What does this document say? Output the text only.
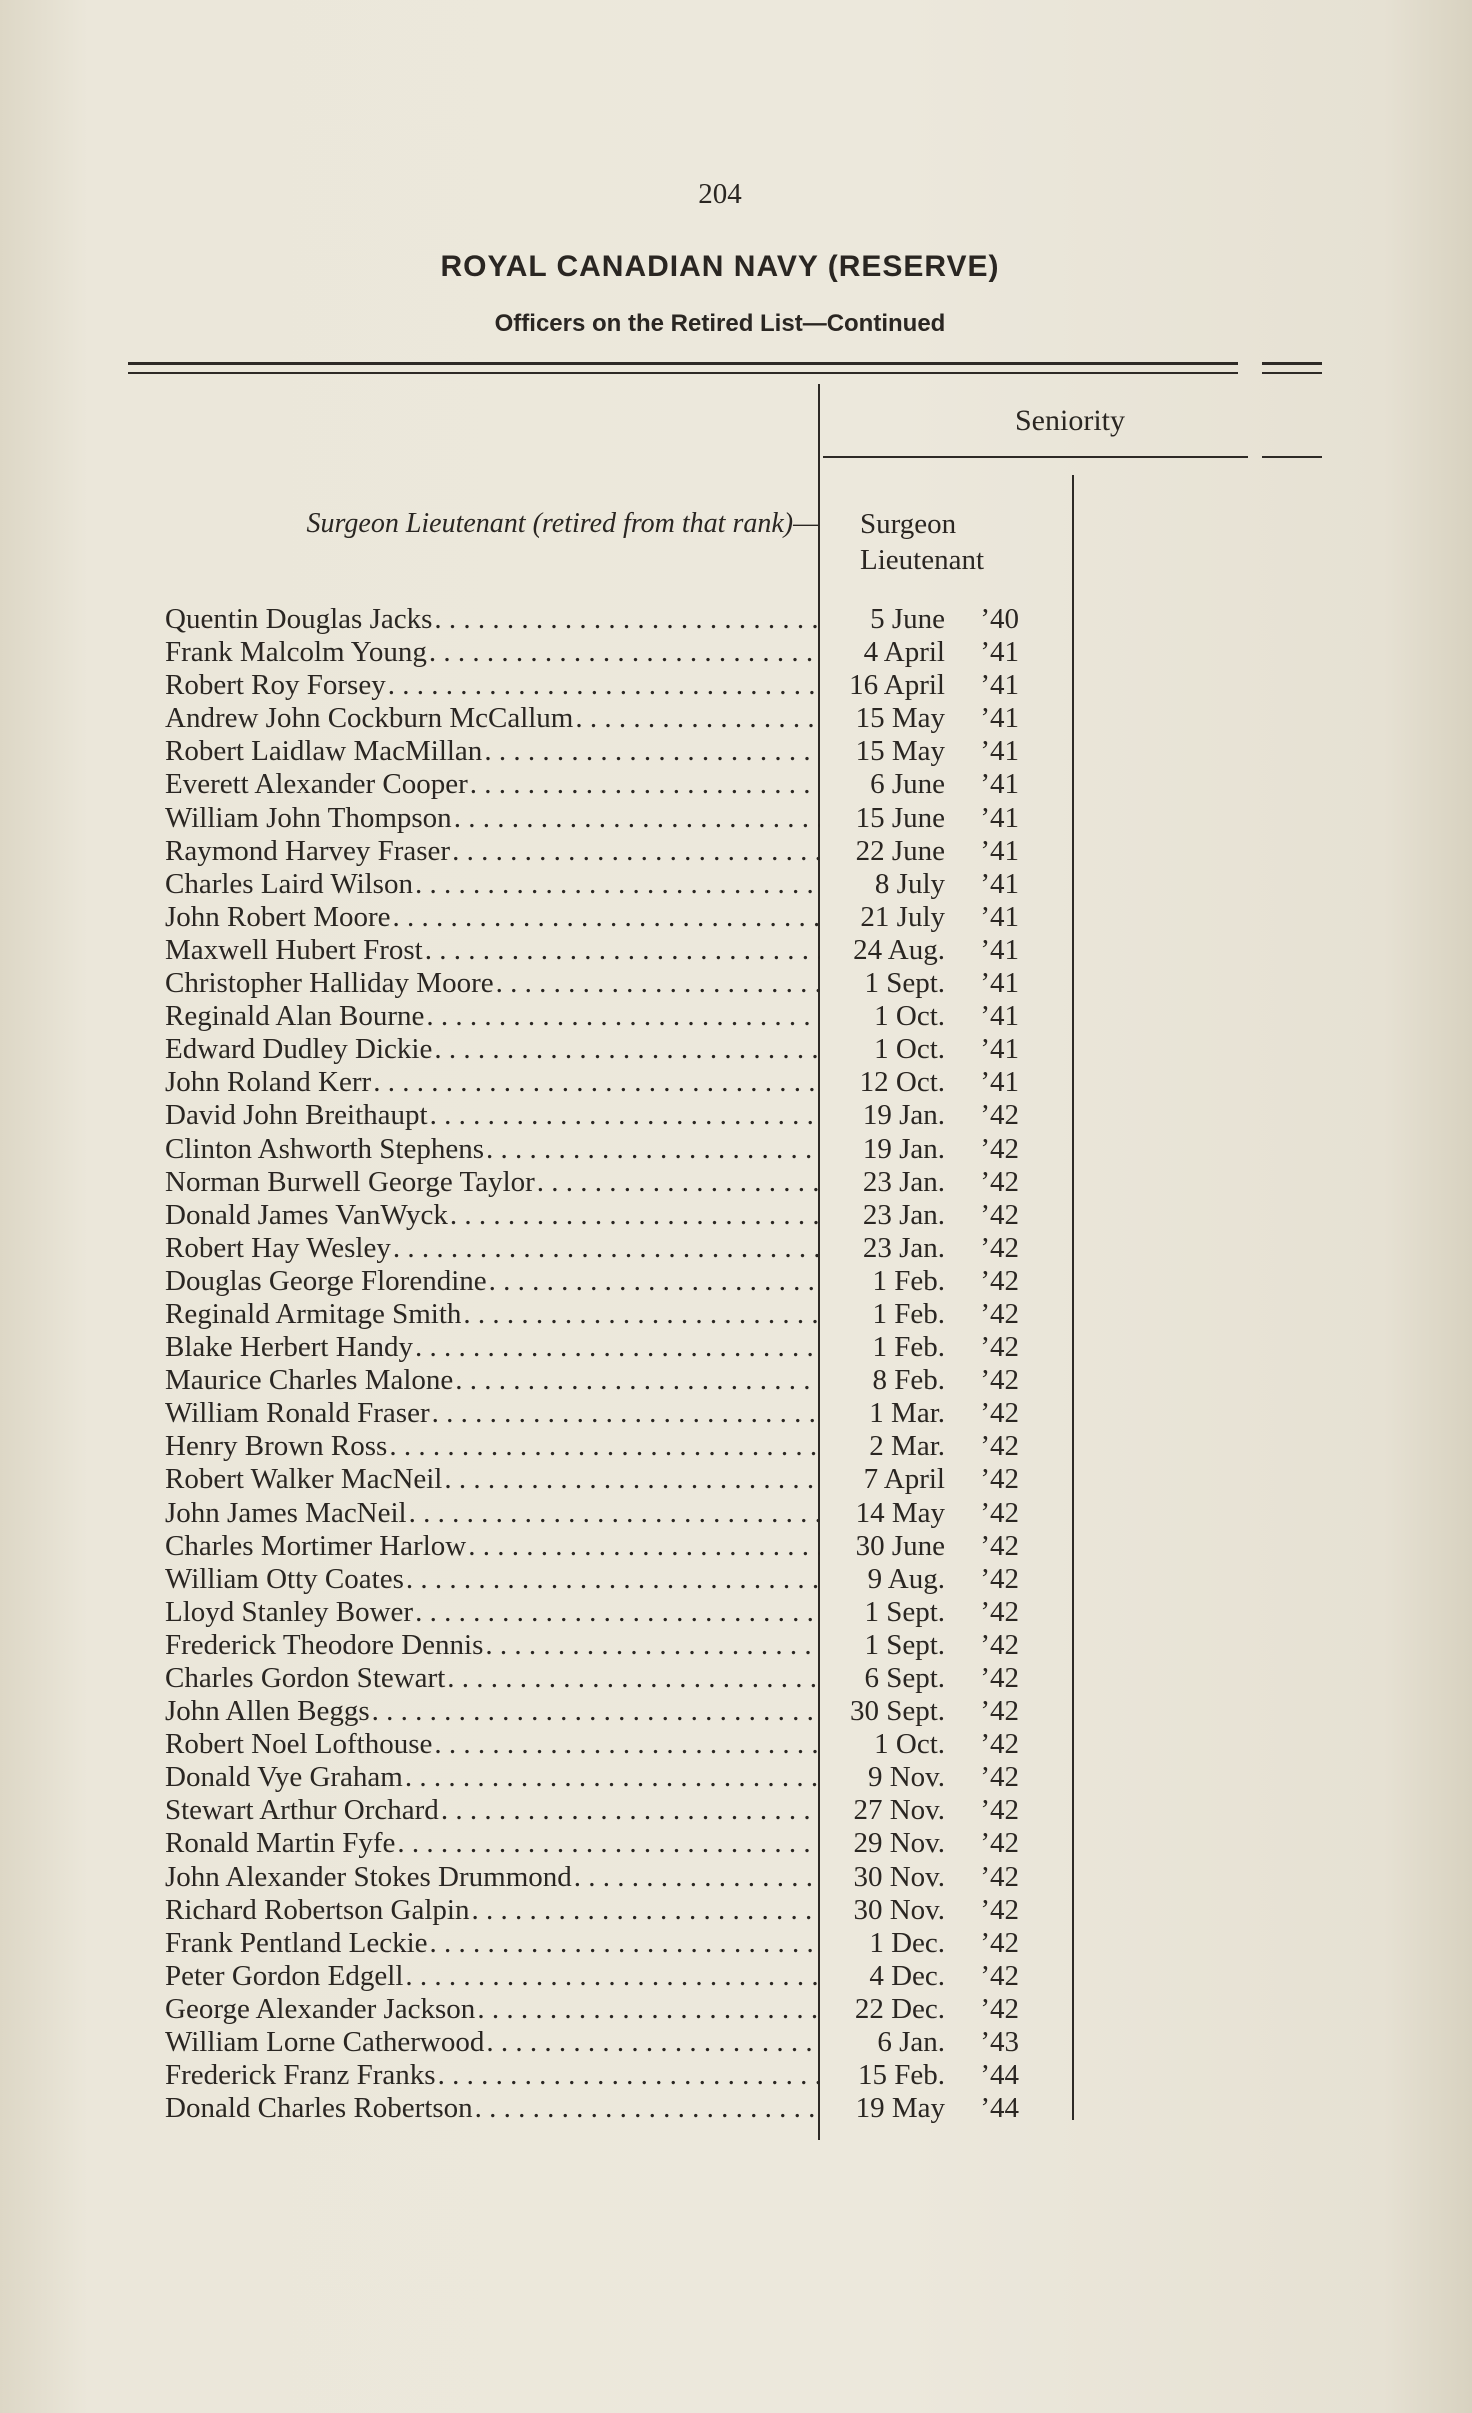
204
ROYAL CANADIAN NAVY (RESERVE)
Officers on the Retired List—Continued
Seniority
Surgeon Lieutenant (retired from that rank)— Surgeon
Lieutenant
Quentin Douglas Jacks . . .	5 June	’40
Frank Malcolm Young . . .	4 April	’41
Robert Roy Forsey . . .	16 April	’41
Andrew John Cockburn McCallum . . .	15 May	’41
Robert Laidlaw MacMillan . . .	15 May	’41
Everett Alexander Cooper . . .	6 June	’41
William John Thompson . . .	15 June	’41
Raymond Harvey Fraser . . .	22 June	’41
Charles Laird Wilson . . .	8 July	’41
John Robert Moore . . .	21 July	’41
Maxwell Hubert Frost . . .	24 Aug.	’41
Christopher Halliday Moore . . .	1 Sept.	’41
Reginald Alan Bourne . . .	1 Oct.	’41
Edward Dudley Dickie . . .	1 Oct.	’41
John Roland Kerr . . .	12 Oct.	’41
David John Breithaupt . . .	19 Jan.	’42
Clinton Ashworth Stephens . . .	19 Jan.	’42
Norman Burwell George Taylor . . .	23 Jan.	’42
Donald James VanWyck . . .	23 Jan.	’42
Robert Hay Wesley . . .	23 Jan.	’42
Douglas George Florendine . . .	1 Feb.	’42
Reginald Armitage Smith . . .	1 Feb.	’42
Blake Herbert Handy . . .	1 Feb.	’42
Maurice Charles Malone . . .	8 Feb.	’42
William Ronald Fraser . . .	1 Mar.	’42
Henry Brown Ross . . .	2 Mar.	’42
Robert Walker MacNeil . . .	7 April	’42
John James MacNeil . . .	14 May	’42
Charles Mortimer Harlow . . .	30 June	’42
William Otty Coates . . .	9 Aug.	’42
Lloyd Stanley Bower . . .	1 Sept.	’42
Frederick Theodore Dennis . . .	1 Sept.	’42
Charles Gordon Stewart . . .	6 Sept.	’42
John Allen Beggs . . .	30 Sept.	’42
Robert Noel Lofthouse . . .	1 Oct.	’42
Donald Vye Graham . . .	9 Nov.	’42
Stewart Arthur Orchard . . .	27 Nov.	’42
Ronald Martin Fyfe . . .	29 Nov.	’42
John Alexander Stokes Drummond . . .	30 Nov.	’42
Richard Robertson Galpin . . .	30 Nov.	’42
Frank Pentland Leckie . . .	1 Dec.	’42
Peter Gordon Edgell . . .	4 Dec.	’42
George Alexander Jackson . . .	22 Dec.	’42
William Lorne Catherwood . . .	6 Jan.	’43
Frederick Franz Franks . . .	15 Feb.	’44
Donald Charles Robertson . . .	19 May	’44
